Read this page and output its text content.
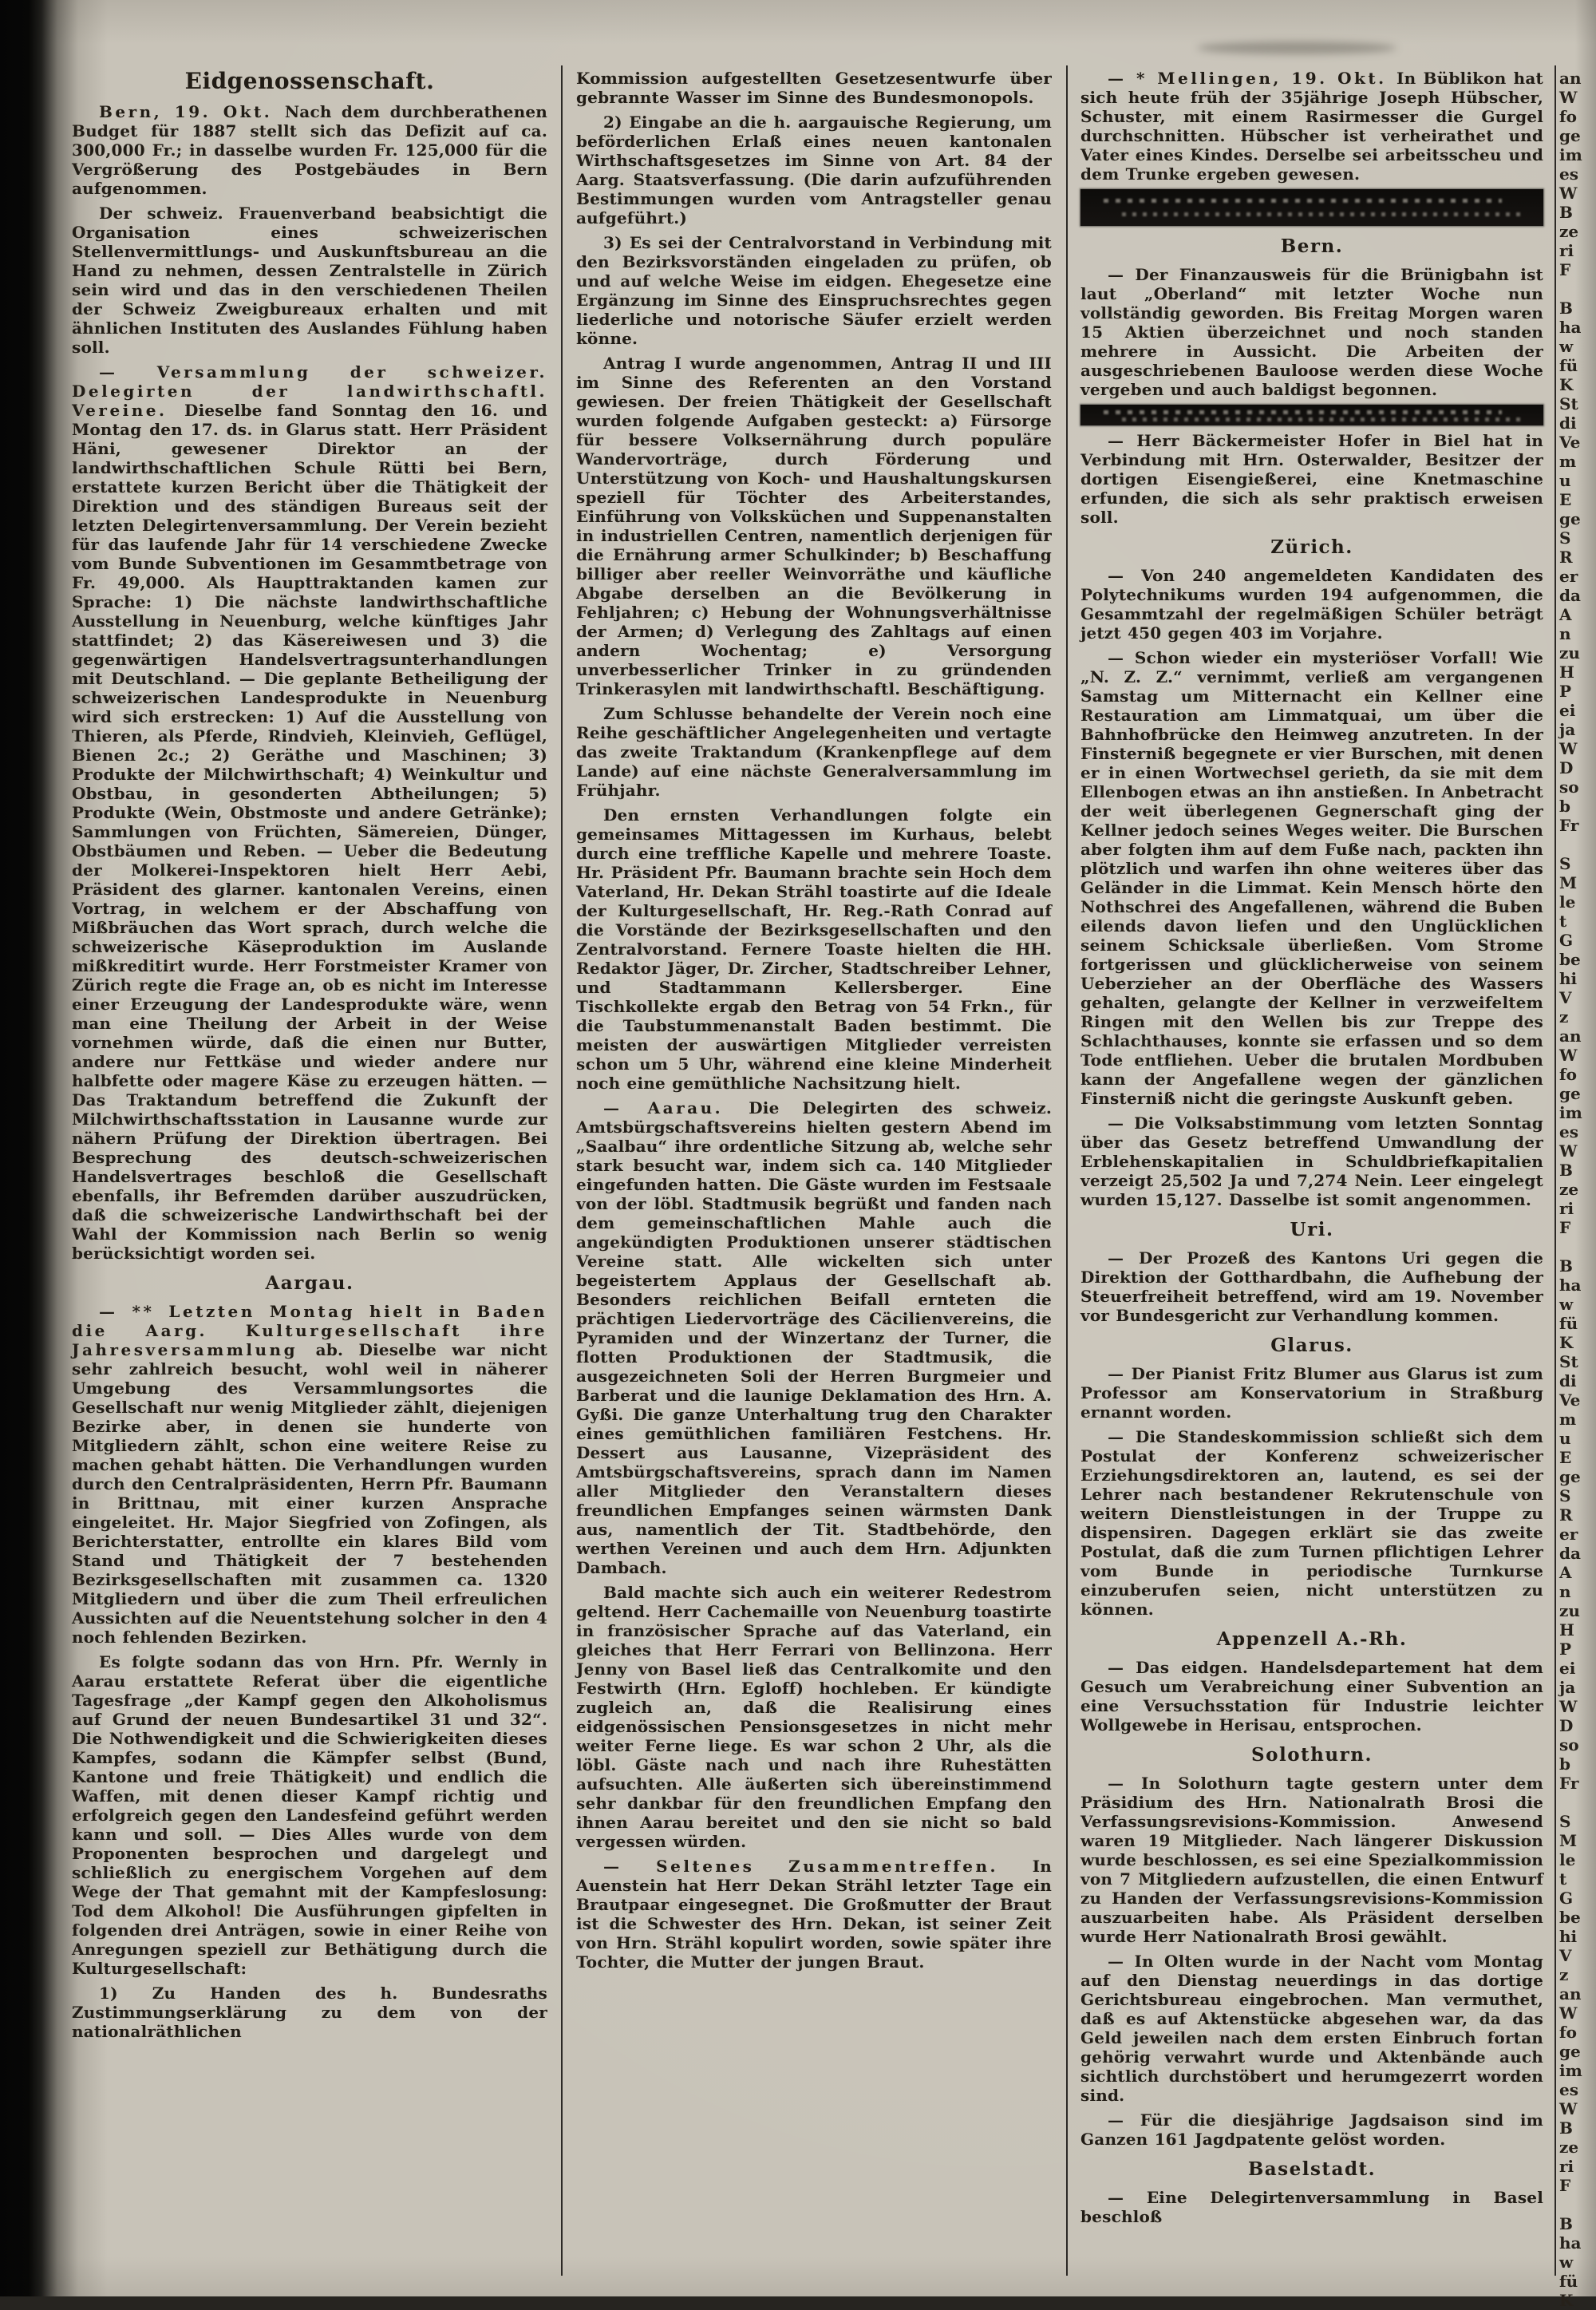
Eidgenossenschaft.

Bern, 19. Okt. Nach dem durchberathenen Budget für 1887 stellt sich das Defizit auf ca. 300,000 Fr.; in dasselbe wurden Fr. 125,000 für die Vergrößerung des Postgebäudes in Bern aufgenommen.

Der schweiz. Frauenverband beabsichtigt die Organisation eines schweizerischen Stellenvermittlungs- und Auskunftsbureau an die Hand zu nehmen, dessen Zentralstelle in Zürich sein wird und das in den verschiedenen Theilen der Schweiz Zweigbureaux erhalten und mit ähnlichen Instituten des Auslandes Fühlung haben soll.

— Versammlung der schweizer. Delegirten der landwirthschaftl. Vereine. Dieselbe fand Sonntag den 16. und Montag den 17. ds. in Glarus statt. Herr Präsident Häni, gewesener Direktor an der landwirthschaftlichen Schule Rütti bei Bern, erstattete kurzen Bericht über die Thätigkeit der Direktion und des ständigen Bureaus seit der letzten Delegirtenversammlung. Der Verein bezieht für das laufende Jahr für 14 verschiedene Zwecke vom Bunde Subventionen im Gesammtbetrage von Fr. 49,000. Als Haupttraktanden kamen zur Sprache: 1) Die nächste landwirthschaftliche Ausstellung in Neuenburg, welche künftiges Jahr stattfindet; 2) das Käsereiwesen und 3) die gegenwärtigen Handelsvertragsunterhandlungen mit Deutschland. — Die geplante Betheiligung der schweizerischen Landesprodukte in Neuenburg wird sich erstrecken: 1) Auf die Ausstellung von Thieren, als Pferde, Rindvieh, Kleinvieh, Geflügel, Bienen 2c.; 2) Geräthe und Maschinen; 3) Produkte der Milchwirthschaft; 4) Weinkultur und Obstbau, in gesonderten Abtheilungen; 5) Produkte (Wein, Obstmoste und andere Getränke); Sammlungen von Früchten, Sämereien, Dünger, Obstbäumen und Reben. — Ueber die Bedeutung der Molkerei-Inspektoren hielt Herr Aebi, Präsident des glarner. kantonalen Vereins, einen Vortrag, in welchem er der Abschaffung von Mißbräuchen das Wort sprach, durch welche die schweizerische Käseproduktion im Auslande mißkreditirt wurde. Herr Forstmeister Kramer von Zürich regte die Frage an, ob es nicht im Interesse einer Erzeugung der Landesprodukte wäre, wenn man eine Theilung der Arbeit in der Weise vornehmen würde, daß die einen nur Butter, andere nur Fettkäse und wieder andere nur halbfette oder magere Käse zu erzeugen hätten. — Das Traktandum betreffend die Zukunft der Milchwirthschaftsstation in Lausanne wurde zur nähern Prüfung der Direktion übertragen. Bei Besprechung des deutsch-schweizerischen Handelsvertrages beschloß die Gesellschaft ebenfalls, ihr Befremden darüber auszudrücken, daß die schweizerische Landwirthschaft bei der Wahl der Kommission nach Berlin so wenig berücksichtigt worden sei.

Aargau.

— ** Letzten Montag hielt in Baden die Aarg. Kulturgesellschaft ihre Jahresversammlung ab. Dieselbe war nicht sehr zahlreich besucht, wohl weil in näherer Umgebung des Versammlungsortes die Gesellschaft nur wenig Mitglieder zählt, diejenigen Bezirke aber, in denen sie hunderte von Mitgliedern zählt, schon eine weitere Reise zu machen gehabt hätten. Die Verhandlungen wurden durch den Centralpräsidenten, Herrn Pfr. Baumann in Brittnau, mit einer kurzen Ansprache eingeleitet. Hr. Major Siegfried von Zofingen, als Berichterstatter, entrollte ein klares Bild vom Stand und Thätigkeit der 7 bestehenden Bezirksgesellschaften mit zusammen ca. 1320 Mitgliedern und über die zum Theil erfreulichen Aussichten auf die Neuentstehung solcher in den 4 noch fehlenden Bezirken.

Es folgte sodann das von Hrn. Pfr. Wernly in Aarau erstattete Referat über die eigentliche Tagesfrage „der Kampf gegen den Alkoholismus auf Grund der neuen Bundesartikel 31 und 32“. Die Nothwendigkeit und die Schwierigkeiten dieses Kampfes, sodann die Kämpfer selbst (Bund, Kantone und freie Thätigkeit) und endlich die Waffen, mit denen dieser Kampf richtig und erfolgreich gegen den Landesfeind geführt werden kann und soll. — Dies Alles wurde von dem Proponenten besprochen und dargelegt und schließlich zu energischem Vorgehen auf dem Wege der That gemahnt mit der Kampfeslosung: Tod dem Alkohol! Die Ausführungen gipfelten in folgenden drei Anträgen, sowie in einer Reihe von Anregungen speziell zur Bethätigung durch die Kulturgesellschaft:

1) Zu Handen des h. Bundesraths Zustimmungserklärung zu dem von der nationalräthlichen

Kommission aufgestellten Gesetzesentwurfe über gebrannte Wasser im Sinne des Bundesmonopols.

2) Eingabe an die h. aargauische Regierung, um beförderlichen Erlaß eines neuen kantonalen Wirthschaftsgesetzes im Sinne von Art. 84 der Aarg. Staatsverfassung. (Die darin aufzuführenden Bestimmungen wurden vom Antragsteller genau aufgeführt.)

3) Es sei der Centralvorstand in Verbindung mit den Bezirksvorständen eingeladen zu prüfen, ob und auf welche Weise im eidgen. Ehegesetze eine Ergänzung im Sinne des Einspruchsrechtes gegen liederliche und notorische Säufer erzielt werden könne.

Antrag I wurde angenommen, Antrag II und III im Sinne des Referenten an den Vorstand gewiesen. Der freien Thätigkeit der Gesellschaft wurden folgende Aufgaben gesteckt: a) Fürsorge für bessere Volksernährung durch populäre Wandervorträge, durch Förderung und Unterstützung von Koch- und Haushaltungskursen speziell für Töchter des Arbeiterstandes, Einführung von Volksküchen und Suppenanstalten in industriellen Centren, namentlich derjenigen für die Ernährung armer Schulkinder; b) Beschaffung billiger aber reeller Weinvorräthe und käufliche Abgabe derselben an die Bevölkerung in Fehljahren; c) Hebung der Wohnungsverhältnisse der Armen; d) Verlegung des Zahltags auf einen andern Wochentag; e) Versorgung unverbesserlicher Trinker in zu gründenden Trinkerasylen mit landwirthschaftl. Beschäftigung.

Zum Schlusse behandelte der Verein noch eine Reihe geschäftlicher Angelegenheiten und vertagte das zweite Traktandum (Krankenpflege auf dem Lande) auf eine nächste Generalversammlung im Frühjahr.

Den ernsten Verhandlungen folgte ein gemeinsames Mittagessen im Kurhaus, belebt durch eine treffliche Kapelle und mehrere Toaste. Hr. Präsident Pfr. Baumann brachte sein Hoch dem Vaterland, Hr. Dekan Strähl toastirte auf die Ideale der Kulturgesellschaft, Hr. Reg.-Rath Conrad auf die Vorstände der Bezirksgesellschaften und den Zentralvorstand. Fernere Toaste hielten die HH. Redaktor Jäger, Dr. Zircher, Stadtschreiber Lehner, und Stadtammann Kellersberger. Eine Tischkollekte ergab den Betrag von 54 Frkn., für die Taubstummenanstalt Baden bestimmt. Die meisten der auswärtigen Mitglieder verreisten schon um 5 Uhr, während eine kleine Minderheit noch eine gemüthliche Nachsitzung hielt.

— Aarau. Die Delegirten des schweiz. Amtsbürgschaftsvereins hielten gestern Abend im „Saalbau“ ihre ordentliche Sitzung ab, welche sehr stark besucht war, indem sich ca. 140 Mitglieder eingefunden hatten. Die Gäste wurden im Festsaale von der löbl. Stadtmusik begrüßt und fanden nach dem gemeinschaftlichen Mahle auch die angekündigten Produktionen unserer städtischen Vereine statt. Alle wickelten sich unter begeistertem Applaus der Gesellschaft ab. Besonders reichlichen Beifall ernteten die prächtigen Liedervorträge des Cäcilienvereins, die Pyramiden und der Winzertanz der Turner, die flotten Produktionen der Stadtmusik, die ausgezeichneten Soli der Herren Burgmeier und Barberat und die launige Deklamation des Hrn. A. Gyßi. Die ganze Unterhaltung trug den Charakter eines gemüthlichen familiären Festchens. Hr. Dessert aus Lausanne, Vizepräsident des Amtsbürgschaftsvereins, sprach dann im Namen aller Mitglieder den Veranstaltern dieses freundlichen Empfanges seinen wärmsten Dank aus, namentlich der Tit. Stadtbehörde, den werthen Vereinen und auch dem Hrn. Adjunkten Dambach.

Bald machte sich auch ein weiterer Redestrom geltend. Herr Cachemaille von Neuenburg toastirte in französischer Sprache auf das Vaterland, ein gleiches that Herr Ferrari von Bellinzona. Herr Jenny von Basel ließ das Centralkomite und den Festwirth (Hrn. Egloff) hochleben. Er kündigte zugleich an, daß die Realisirung eines eidgenössischen Pensionsgesetzes in nicht mehr weiter Ferne liege. Es war schon 2 Uhr, als die löbl. Gäste nach und nach ihre Ruhestätten aufsuchten. Alle äußerten sich übereinstimmend sehr dankbar für den freundlichen Empfang den ihnen Aarau bereitet und den sie nicht so bald vergessen würden.

— Seltenes Zusammentreffen. In Auenstein hat Herr Dekan Strähl letzter Tage ein Brautpaar eingesegnet. Die Großmutter der Braut ist die Schwester des Hrn. Dekan, ist seiner Zeit von Hrn. Strähl kopulirt worden, sowie später ihre Tochter, die Mutter der jungen Braut.

— * Mellingen, 19. Okt. In Büblikon hat sich heute früh der 35jährige Joseph Hübscher, Schuster, mit einem Rasirmesser die Gurgel durchschnitten. Hübscher ist verheirathet und Vater eines Kindes. Derselbe sei arbeitsscheu und dem Trunke ergeben gewesen.

Bern.

— Der Finanzausweis für die Brünigbahn ist laut „Oberland“ mit letzter Woche nun vollständig geworden. Bis Freitag Morgen waren 15 Aktien überzeichnet und noch standen mehrere in Aussicht. Die Arbeiten der ausgeschriebenen Bauloose werden diese Woche vergeben und auch baldigst begonnen.

— Herr Bäckermeister Hofer in Biel hat in Verbindung mit Hrn. Osterwalder, Besitzer der dortigen Eisengießerei, eine Knetmaschine erfunden, die sich als sehr praktisch erweisen soll.

Zürich.

— Von 240 angemeldeten Kandidaten des Polytechnikums wurden 194 aufgenommen, die Gesammtzahl der regelmäßigen Schüler beträgt jetzt 450 gegen 403 im Vorjahre.

— Schon wieder ein mysteriöser Vorfall! Wie „N. Z. Z.“ vernimmt, verließ am vergangenen Samstag um Mitternacht ein Kellner eine Restauration am Limmatquai, um über die Bahnhofbrücke den Heimweg anzutreten. In der Finsterniß begegnete er vier Burschen, mit denen er in einen Wortwechsel gerieth, da sie mit dem Ellenbogen etwas an ihn anstießen. In Anbetracht der weit überlegenen Gegnerschaft ging der Kellner jedoch seines Weges weiter. Die Burschen aber folgten ihm auf dem Fuße nach, packten ihn plötzlich und warfen ihn ohne weiteres über das Geländer in die Limmat. Kein Mensch hörte den Nothschrei des Angefallenen, während die Buben eilends davon liefen und den Unglücklichen seinem Schicksale überließen. Vom Strome fortgerissen und glücklicherweise von seinem Ueberzieher an der Oberfläche des Wassers gehalten, gelangte der Kellner in verzweifeltem Ringen mit den Wellen bis zur Treppe des Schlachthauses, konnte sie erfassen und so dem Tode entfliehen. Ueber die brutalen Mordbuben kann der Angefallene wegen der gänzlichen Finsterniß nicht die geringste Auskunft geben.

— Die Volksabstimmung vom letzten Sonntag über das Gesetz betreffend Umwandlung der Erblehenskapitalien in Schuldbriefkapitalien verzeigt 25,502 Ja und 7,274 Nein. Leer eingelegt wurden 15,127. Dasselbe ist somit angenommen.

Uri.

— Der Prozeß des Kantons Uri gegen die Direktion der Gotthardbahn, die Aufhebung der Steuerfreiheit betreffend, wird am 19. November vor Bundesgericht zur Verhandlung kommen.

Glarus.

— Der Pianist Fritz Blumer aus Glarus ist zum Professor am Konservatorium in Straßburg ernannt worden.

— Die Standeskommission schließt sich dem Postulat der Konferenz schweizerischer Erziehungsdirektoren an, lautend, es sei der Lehrer nach bestandener Rekrutenschule von weitern Dienstleistungen in der Truppe zu dispensiren. Dagegen erklärt sie das zweite Postulat, daß die zum Turnen pflichtigen Lehrer vom Bunde in periodische Turnkurse einzuberufen seien, nicht unterstützen zu können.

Appenzell A.-Rh.

— Das eidgen. Handelsdepartement hat dem Gesuch um Verabreichung einer Subvention an eine Versuchsstation für Industrie leichter Wollgewebe in Herisau, entsprochen.

Solothurn.

— In Solothurn tagte gestern unter dem Präsidium des Hrn. Nationalrath Brosi die Verfassungsrevisions-Kommission. Anwesend waren 19 Mitglieder. Nach längerer Diskussion wurde beschlossen, es sei eine Spezialkommission von 7 Mitgliedern aufzustellen, die einen Entwurf zu Handen der Verfassungsrevisions-Kommission auszuarbeiten habe. Als Präsident derselben wurde Herr Nationalrath Brosi gewählt.

— In Olten wurde in der Nacht vom Montag auf den Dienstag neuerdings in das dortige Gerichtsbureau eingebrochen. Man vermuthet, daß es auf Aktenstücke abgesehen war, da das Geld jeweilen nach dem ersten Einbruch fortan gehörig verwahrt wurde und Aktenbände auch sichtlich durchstöbert und herumgezerrt worden sind.

— Für die diesjährige Jagdsaison sind im Ganzen 161 Jagdpatente gelöst worden.

Baselstadt.

— Eine Delegirtenversammlung in Basel beschloß

an
W
fo
ge
im
es
W
B
ze
ri
F
B
ha
w
fü
K
St
di
Ve
m
u
E
ge
S
R
er
da
A
n
zu
H
P
ei
ja
W
D
so
b
Fr
S
M
le
t
G
be
hi
V
z
an
W
fo
ge
im
es
W
B
ze
ri
F
B
ha
w
fü
K
St
di
Ve
m
u
E
ge
S
R
er
da
A
n
zu
H
P
ei
ja
W
D
so
b
Fr
S
M
le
t
G
be
hi
V
z
an
W
fo
ge
im
es
W
B
ze
ri
F
B
ha
w
fü
K
